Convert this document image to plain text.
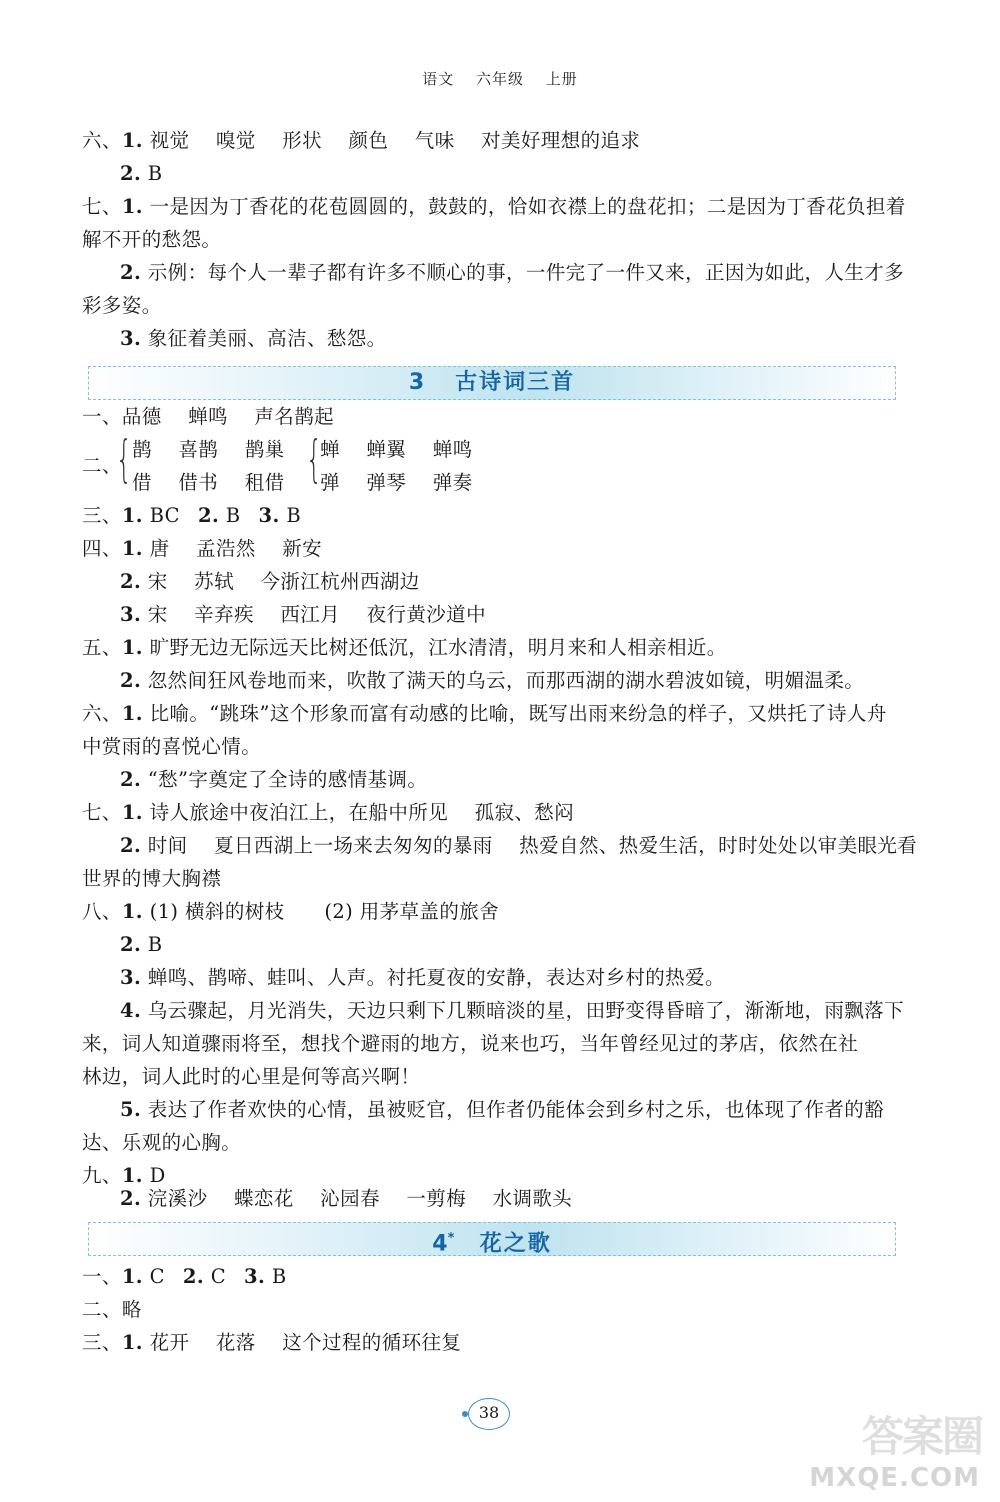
语文 六年级 上册
六、1. 视觉　 嗅觉　 形状　 颜色　 气味　 对美好理想的追求
2. B
七、1. 一是因为丁香花的花苞圆圆的，鼓鼓的，恰如衣襟上的盘花扣；二是因为丁香花负担着
解不开的愁怨。
2. 示例：每个人一辈子都有许多不顺心的事，一件完了一件又来，正因为如此，人生才多
彩多姿。
3. 象征着美丽、高洁、愁怨。
3 古诗词三首
一、品德　 蝉鸣　 声名鹊起
二、
{ 鹊　 喜鹊　 鹊巢
借　 借书　 租借 {
蝉　 蝉翼　 蝉鸣
弹　 弹琴　 弹奏
三、1. BC 2. B 3. B
四、1. 唐　 孟浩然　 新安
2. 宋　 苏轼　 今浙江杭州西湖边
3. 宋　 辛弃疾　 西江月　 夜行黄沙道中
五、1. 旷野无边无际远天比树还低沉，江水清清，明月来和人相亲相近。
2. 忽然间狂风卷地而来，吹散了满天的乌云，而那西湖的湖水碧波如镜，明媚温柔。
六、1. 比喻。“跳珠”这个形象而富有动感的比喻，既写出雨来纷急的样子，又烘托了诗人舟
中赏雨的喜悦心情。
2. “愁”字奠定了全诗的感情基调。
七、1. 诗人旅途中夜泊江上，在船中所见　 孤寂、愁闷
2. 时间　 夏日西湖上一场来去匆匆的暴雨　 热爱自然、热爱生活，时时处处以审美眼光看
世界的博大胸襟
八、1. (1) 横斜的树枝　　(2) 用茅草盖的旅舍
2. B
3. 蝉鸣、鹊啼、蛙叫、人声。衬托夏夜的安静，表达对乡村的热爱。
4. 乌云骤起，月光消失，天边只剩下几颗暗淡的星，田野变得昏暗了，渐渐地，雨飘落下
来，词人知道骤雨将至，想找个避雨的地方，说来也巧，当年曾经见过的茅店，依然在社
林边，词人此时的心里是何等高兴啊！
5. 表达了作者欢快的心情，虽被贬官，但作者仍能体会到乡村之乐，也体现了作者的豁
达、乐观的心胸。
九、1. D
2. 浣溪沙　 蝶恋花　 沁园春　 一剪梅　 水调歌头
4* 花之歌
一、1. C 2. C 3. B
二、略
三、1. 花开　 花落　 这个过程的循环往复
38	答案圈
MXQE.COM
